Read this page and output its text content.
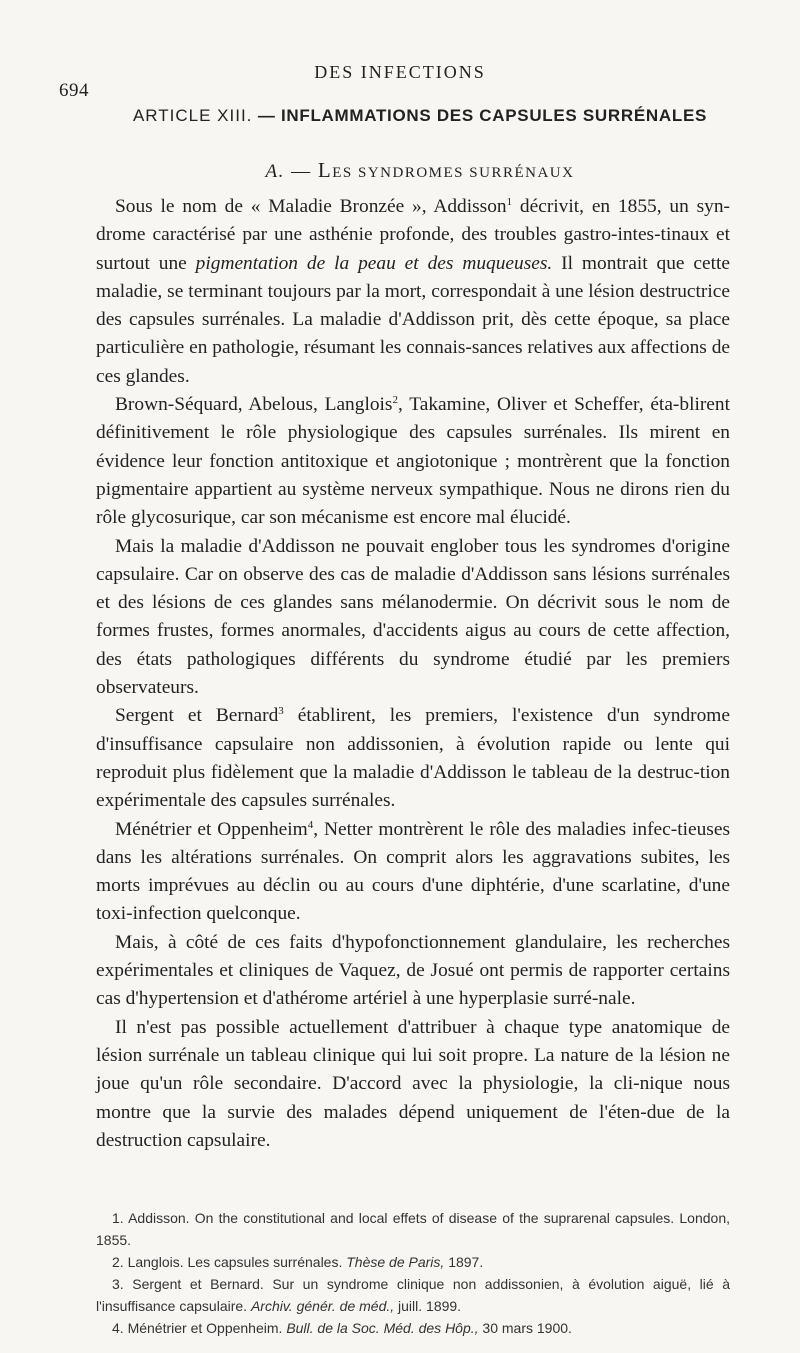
694
DES INFECTIONS
ARTICLE XIII. — INFLAMMATIONS DES CAPSULES SURRÉNALES
A. — LES SYNDROMES SURRÉNAUX

Sous le nom de « Maladie Bronzée », Addisson$^1$ décrivit, en 1855, un syn-drome caractérisé par une asthénie profonde, des troubles gastro-intes-tinaux et surtout une pigmentation de la peau et des muqueuses. Il montrait que cette maladie, se terminant toujours par la mort, correspondait à une lésion destructrice des capsules surrénales. La maladie d'Addisson prit, dès cette époque, sa place particulière en pathologie, résumant les connais-sances relatives aux affections de ces glandes.

Brown-Séquard, Abelous, Langlois$^2$, Takamine, Oliver et Scheffer, éta-blirent définitivement le rôle physiologique des capsules surrénales. Ils mirent en évidence leur fonction antitoxique et angiotonique ; montrèrent que la fonction pigmentaire appartient au système nerveux sympathique. Nous ne dirons rien du rôle glycosurique, car son mécanisme est encore mal élucidé.

Mais la maladie d'Addisson ne pouvait englober tous les syndromes d'origine capsulaire. Car on observe des cas de maladie d'Addisson sans lésions surrénales et des lésions de ces glandes sans mélanodermie. On décrivit sous le nom de formes frustes, formes anormales, d'accidents aigus au cours de cette affection, des états pathologiques différents du syndrome étudié par les premiers observateurs.

Sergent et Bernard$^3$ établirent, les premiers, l'existence d'un syndrome d'insuffisance capsulaire non addissonien, à évolution rapide ou lente qui reproduit plus fidèlement que la maladie d'Addisson le tableau de la destruc-tion expérimentale des capsules surrénales.

Ménétrier et Oppenheim$^4$, Netter montrèrent le rôle des maladies infec-tieuses dans les altérations surrénales. On comprit alors les aggravations subites, les morts imprévues au déclin ou au cours d'une diphtérie, d'une scarlatine, d'une toxi-infection quelconque.

Mais, à côté de ces faits d'hypofonctionnement glandulaire, les recherches expérimentales et cliniques de Vaquez, de Josué ont permis de rapporter certains cas d'hypertension et d'athérome artériel à une hyperplasie surré-nale.

Il n'est pas possible actuellement d'attribuer à chaque type anatomique de lésion surrénale un tableau clinique qui lui soit propre. La nature de la lésion ne joue qu'un rôle secondaire. D'accord avec la physiologie, la cli-nique nous montre que la survie des malades dépend uniquement de l'éten-due de la destruction capsulaire.

1. Addisson. On the constitutional and local effets of disease of the suprarenal capsules. London, 1855.

2. Langlois. Les capsules surrénales. Thèse de Paris, 1897.

3. Sergent et Bernard. Sur un syndrome clinique non addissonien, à évolution aiguë, lié à l'insuffisance capsulaire. Archiv. génér. de méd., juill. 1899.

4. Ménétrier et Oppenheim. Bull. de la Soc. Méd. des Hôp., 30 mars 1900.
